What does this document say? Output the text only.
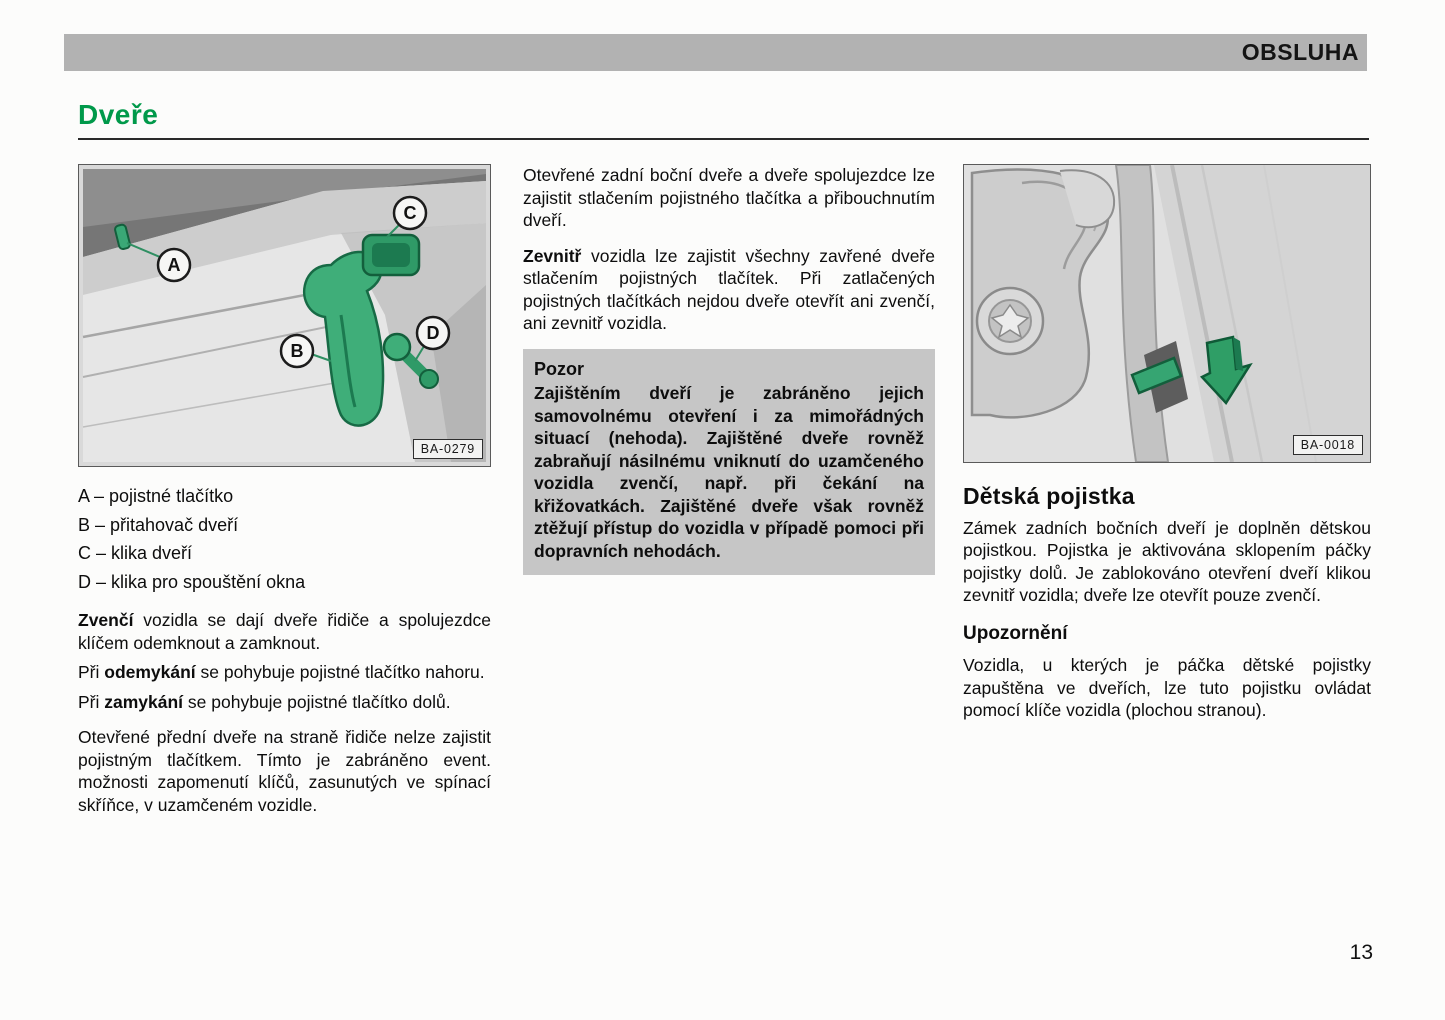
OBSLUHA
Dveře
A
B
C
D
BA-0279
A – pojistné tlačítko
B – přitahovač dveří
C – klika dveří
D – klika pro spouštění okna

Zvenčí vozidla se dají dveře řidiče a spolujezdce klíčem odemknout a zamknout.

Při odemykání se pohybuje pojistné tlačítko nahoru.

Při zamykání se pohybuje pojistné tlačítko dolů.

Otevřené přední dveře na straně řidiče nelze zajistit pojistným tlačítkem. Tímto je zabráněno event. možnosti zapomenutí klíčů, zasunutých ve spínací skříňce, v uzamčeném vozidle.

Otevřené zadní boční dveře a dveře spolujezdce lze zajistit stlačením pojistného tlačítka a přibouchnutím dveří.

Zevnitř vozidla lze zajistit všechny zavřené dveře stlačením pojistných tlačítek. Při zatlačených pojistných tlačítkách nejdou dveře otevřít ani zvenčí, ani zevnitř vozidla.

Pozor
Zajištěním dveří je zabráněno jejich samovolnému otevření i za mimořádných situací (nehoda). Zajištěné dveře rovněž zabraňují násilnému vniknutí do uzamčeného vozidla zvenčí, např. při čekání na křižovatkách. Zajištěné dveře však rovněž ztěžují přístup do vozidla v případě pomoci při dopravních nehodách.
BA-0018
Dětská pojistka

Zámek zadních bočních dveří je doplněn dětskou pojistkou. Pojistka je aktivována sklopením páčky pojistky dolů. Je zablokováno otevření dveří klikou zevnitř vozidla; dveře lze otevřít pouze zvenčí.

Upozornění

Vozidla, u kterých je páčka dětské pojistky zapuštěna ve dveřích, lze tuto pojistku ovládat pomocí klíče vozidla (plochou stranou).

13
